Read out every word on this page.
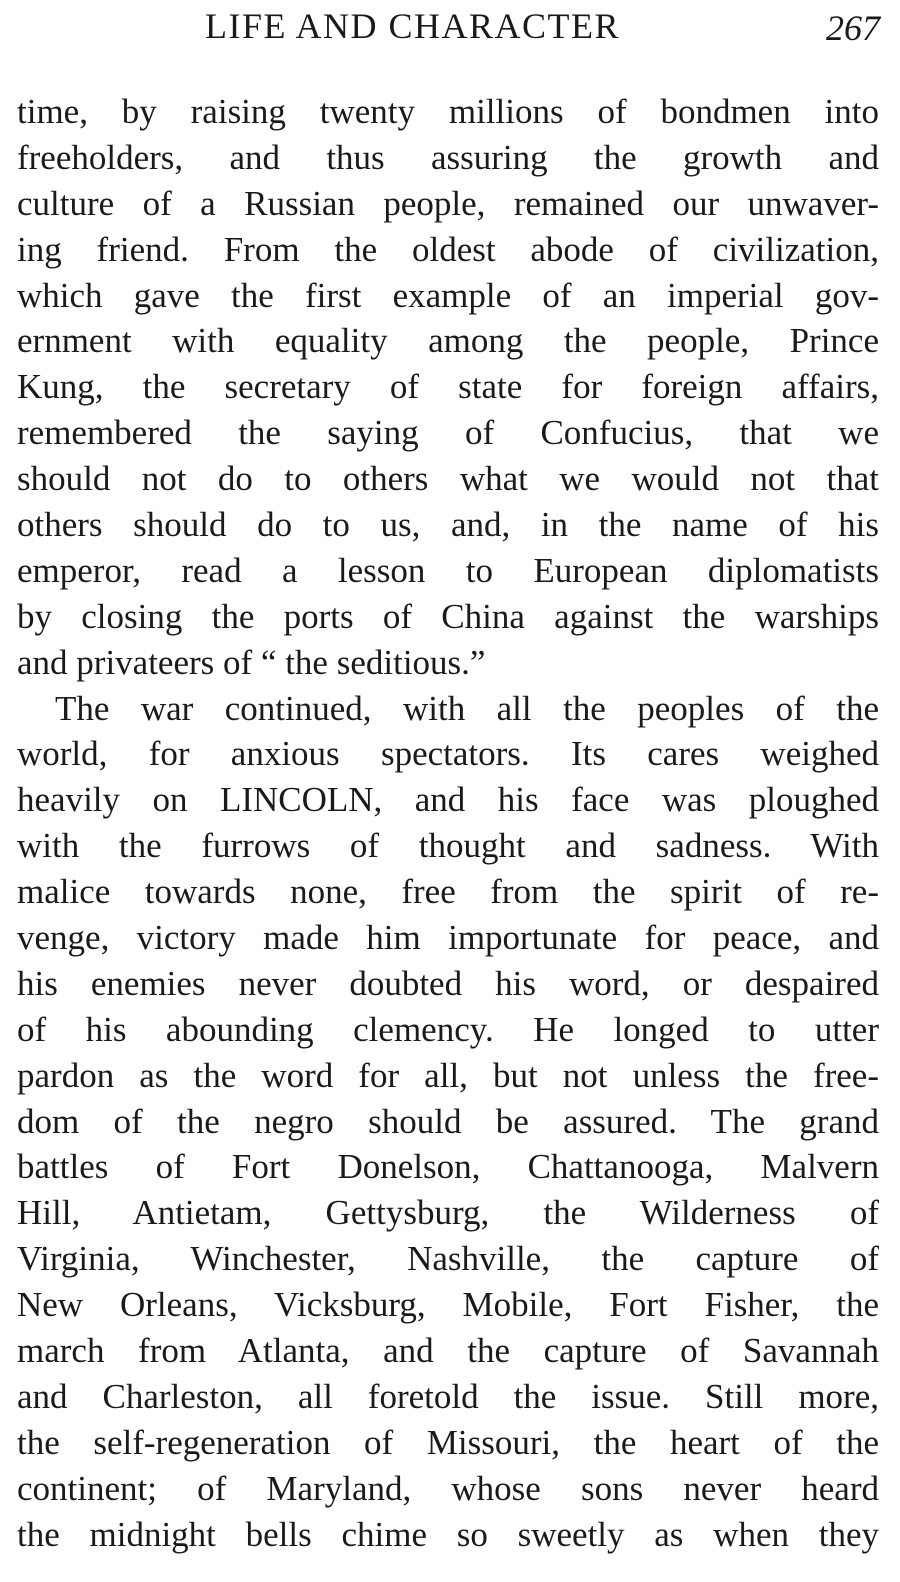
LIFE AND CHARACTER	267
time, by raising twenty millions of bondmen into
freeholders, and thus assuring the growth and
culture of a Russian people, remained our unwaver-
ing friend. From the oldest abode of civilization,
which gave the first example of an imperial gov-
ernment with equality among the people, Prince
Kung, the secretary of state for foreign affairs,
remembered the saying of Confucius, that we
should not do to others what we would not that
others should do to us, and, in the name of his
emperor, read a lesson to European diplomatists
by closing the ports of China against the warships
and privateers of “ the seditious.”
The war continued, with all the peoples of the
world, for anxious spectators. Its cares weighed
heavily on LINCOLN, and his face was ploughed
with the furrows of thought and sadness. With
malice towards none, free from the spirit of re-
venge, victory made him importunate for peace, and
his enemies never doubted his word, or despaired
of his abounding clemency. He longed to utter
pardon as the word for all, but not unless the free-
dom of the negro should be assured. The grand
battles of Fort Donelson, Chattanooga, Malvern
Hill, Antietam, Gettysburg, the Wilderness of
Virginia, Winchester, Nashville, the capture of
New Orleans, Vicksburg, Mobile, Fort Fisher, the
march from Atlanta, and the capture of Savannah
and Charleston, all foretold the issue. Still more,
the self-regeneration of Missouri, the heart of the
continent; of Maryland, whose sons never heard
the midnight bells chime so sweetly as when they
